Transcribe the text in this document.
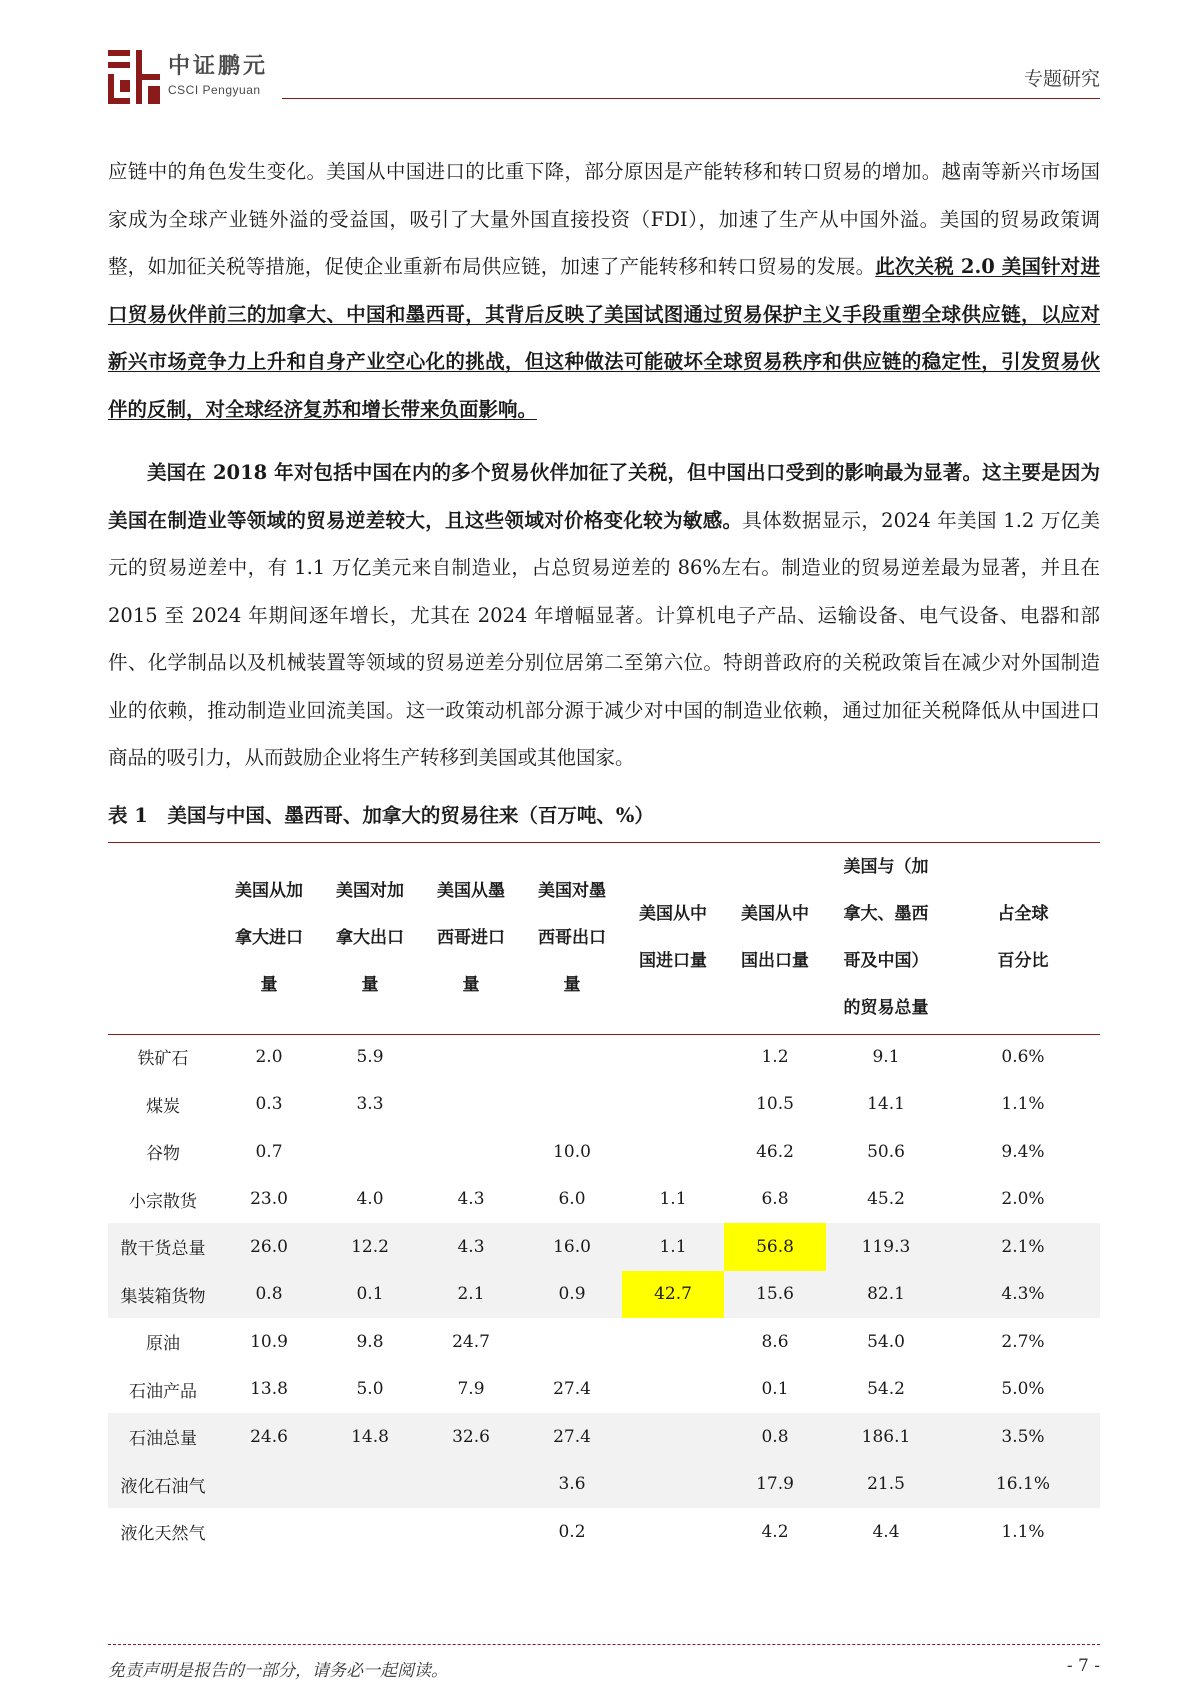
中证鹏元
CSCI Pengyuan	专题研究

应链中的角色发生变化。美国从中国进口的比重下降，部分原因是产能转移和转口贸易的增加。越南等新兴市场国家成为全球产业链外溢的受益国，吸引了大量外国直接投资（FDI），加速了生产从中国外溢。美国的贸易政策调整，如加征关税等措施，促使企业重新布局供应链，加速了产能转移和转口贸易的发展。此次关税 2.0 美国针对进口贸易伙伴前三的加拿大、中国和墨西哥，其背后反映了美国试图通过贸易保护主义手段重塑全球供应链，以应对新兴市场竞争力上升和自身产业空心化的挑战，但这种做法可能破坏全球贸易秩序和供应链的稳定性，引发贸易伙伴的反制，对全球经济复苏和增长带来负面影响。

美国在 2018 年对包括中国在内的多个贸易伙伴加征了关税，但中国出口受到的影响最为显著。这主要是因为美国在制造业等领域的贸易逆差较大，且这些领域对价格变化较为敏感。具体数据显示，2024 年美国 1.2 万亿美元的贸易逆差中，有 1.1 万亿美元来自制造业，占总贸易逆差的 86%左右。制造业的贸易逆差最为显著，并且在 2015 至 2024 年期间逐年增长，尤其在 2024 年增幅显著。计算机电子产品、运输设备、电气设备、电器和部件、化学制品以及机械装置等领域的贸易逆差分别位居第二至第六位。特朗普政府的关税政策旨在减少对外国制造业的依赖，推动制造业回流美国。这一政策动机部分源于减少对中国的制造业依赖，通过加征关税降低从中国进口商品的吸引力，从而鼓励企业将生产转移到美国或其他国家。

表 1　美国与中国、墨西哥、加拿大的贸易往来（百万吨、%）
	美国从加拿大进口量	美国对加拿大出口量	美国从墨西哥进口量	美国对墨西哥出口量	美国从中国进口量	美国从中国出口量	美国与（加拿大、墨西哥及中国）的贸易总量	占全球百分比
铁矿石	2.0	5.9				1.2	9.1	0.6%
煤炭	0.3	3.3				10.5	14.1	1.1%
谷物	0.7			10.0		46.2	50.6	9.4%
小宗散货	23.0	4.0	4.3	6.0	1.1	6.8	45.2	2.0%
散干货总量	26.0	12.2	4.3	16.0	1.1	56.8	119.3	2.1%
集装箱货物	0.8	0.1	2.1	0.9	42.7	15.6	82.1	4.3%
原油	10.9	9.8	24.7			8.6	54.0	2.7%
石油产品	13.8	5.0	7.9	27.4		0.1	54.2	5.0%
石油总量	24.6	14.8	32.6	27.4		0.8	186.1	3.5%
液化石油气				3.6		17.9	21.5	16.1%
液化天然气				0.2		4.2	4.4	1.1%
免责声明是报告的一部分，请务必一起阅读。	- 7 -
